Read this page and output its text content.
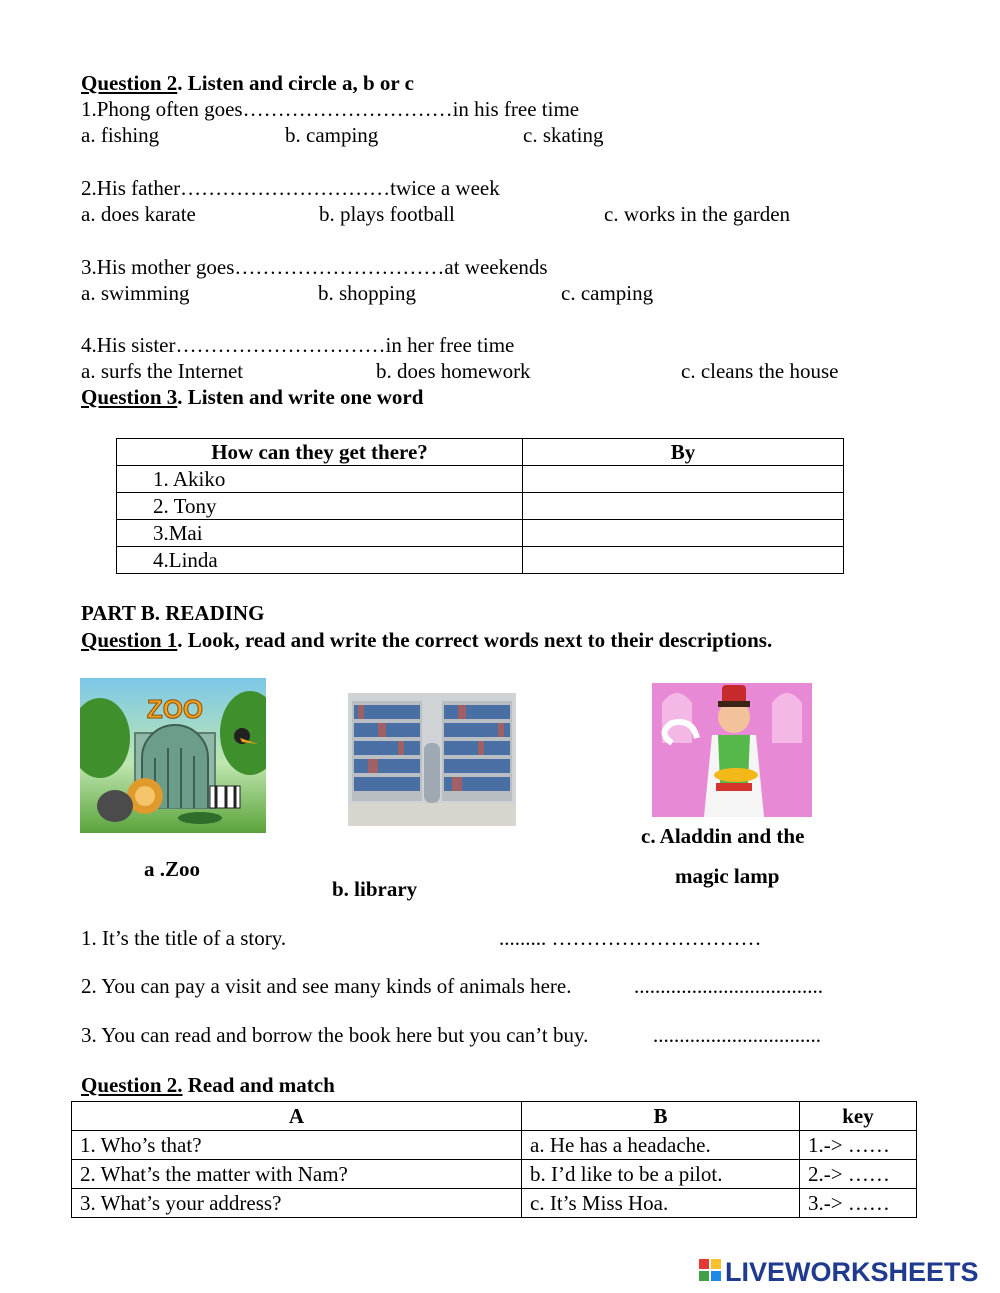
Question 2. Listen and circle a, b or c
1.Phong often goes…………………………in his free time
a. fishing	b. camping	c. skating
2.His father…………………………twice a week
a. does karate	b. plays football	c. works in the garden
3.His mother goes…………………………at weekends
a. swimming	b. shopping	c. camping
4.His sister…………………………in her free time
a. surfs the Internet	b. does homework	c. cleans the house
Question 3. Listen and write one word
How can they get there?	By
1. Akiko	
2. Tony	
3.Mai	
4.Linda	
PART B. READING
Question 1. Look, read and write the correct words next to their descriptions.
ZOO
a .Zoo
b. library
c. Aladdin and the
magic lamp
1. It’s the title of a story.	......... …………………………
2. You can pay a visit and see many kinds of animals here.	....................................
3. You can read and borrow the book here but you can’t buy.	................................
Question 2. Read and match
A	B	key
1. Who’s that?	a. He has a headache.	1.-> ……
2. What’s the matter with Nam?	b. I’d like to be a pilot.	2.-> ……
3. What’s your address?	c. It’s Miss Hoa.	3.-> ……
LIVEWORKSHEETS
